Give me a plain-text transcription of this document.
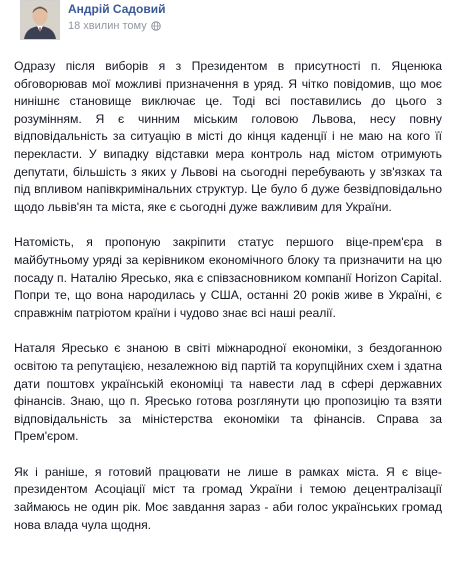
Андрій Садовий
18 хвилин тому

Одразу після виборів я з Президентом в присутності п. Яценюка обговорював мої можливі призначення в уряд. Я чітко повідомив, що моє нинішнє становище виключає це. Тоді всі поставились до цього з розумінням. Я є чинним міським головою Львова, несу повну відповідальність за ситуацію в місті до кінця каденції і не маю на кого її перекласти. У випадку відставки мера контроль над містом отримують депутати, більшість з яких у Львові на сьогодні перебувають у зв'язках та під впливом напівкримінальних структур. Це було б дуже безвідповідально щодо львів'ян та міста, яке є сьогодні дуже важливим для України.

Натомість, я пропоную закріпити статус першого віце-прем'єра в майбутньому уряді за керівником економічного блоку та призначити на цю посаду п. Наталію Яресько, яка є співзасновником компанії Horizon Capital. Попри те, що вона народилась у США, останні 20 років живе в Україні, є справжнім патріотом країни і чудово знає всі наші реалії.

Наталя Яресько є знаною в світі міжнародної економіки, з бездоганною освітою та репутацією, незалежною від партій та корупційних схем і здатна дати поштовх українській економіці та навести лад в сфері державних фінансів. Знаю, що п. Яресько готова розглянути цю пропозицію та взяти відповідальність за міністерства економіки та фінансів. Справа за Прем'єром.

Як і раніше, я готовий працювати не лише в рамках міста. Я є віце-президентом Асоціації міст та громад України і темою децентралізації займаюсь не один рік. Моє завдання зараз - аби голос українських громад нова влада чула щодня.
